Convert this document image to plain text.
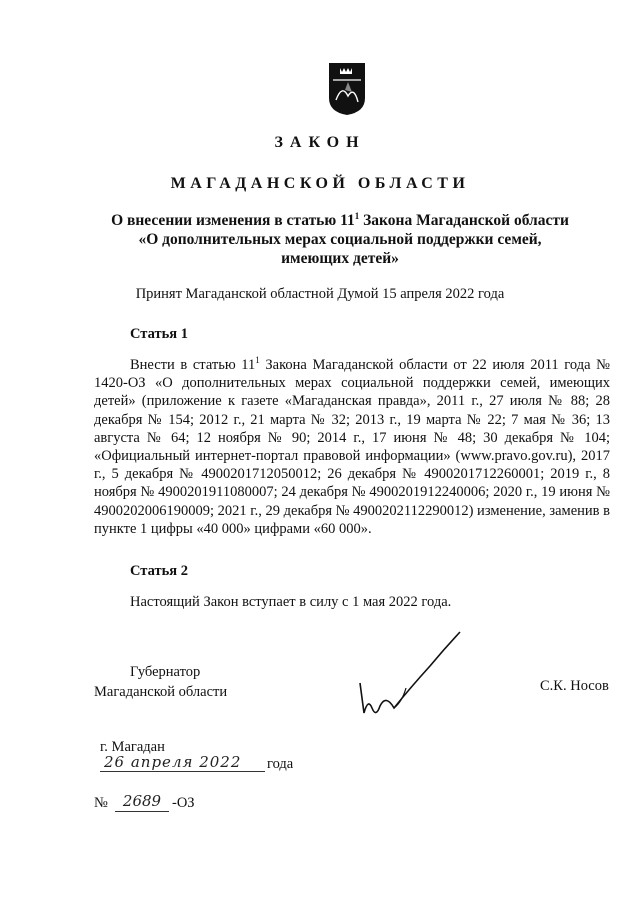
ЗАКОН
МАГАДАНСКОЙ ОБЛАСТИ
О внесении изменения в статью $11^1$ Закона Магаданской области
«О дополнительных мерах социальной поддержки семей,
имеющих детей»
Принят Магаданской областной Думой 15 апреля 2022 года
Статья 1
Внести в статью $11^1$ Закона Магаданской области от 22 июля 2011 года № 1420-ОЗ «О дополнительных мерах социальной поддержки семей, имеющих детей» (приложение к газете «Магаданская правда», 2011 г., 27 июля № 88; 28 декабря № 154; 2012 г., 21 марта № 32; 2013 г., 19 марта № 22; 7 мая № 36; 13 августа № 64; 12 ноября № 90; 2014 г., 17 июня № 48; 30 декабря № 104; «Официальный интернет-портал правовой информации» (www.pravo.gov.ru), 2017 г., 5 декабря № 4900201712050012; 26 декабря № 4900201712260001; 2019 г., 8 ноября № 4900201911080007; 24 декабря № 4900201912240006; 2020 г., 19 июня № 4900202006190009; 2021 г., 29 декабря № 4900202112290012) изменение, заменив в пункте 1 цифры «40 000» цифрами «60 000».
Статья 2
Настоящий Закон вступает в силу с 1 мая 2022 года.
Губернатор
Магаданской области	С.К. Носов
г. Магадан
26 апреля 2022	года
№	2689 -ОЗ
